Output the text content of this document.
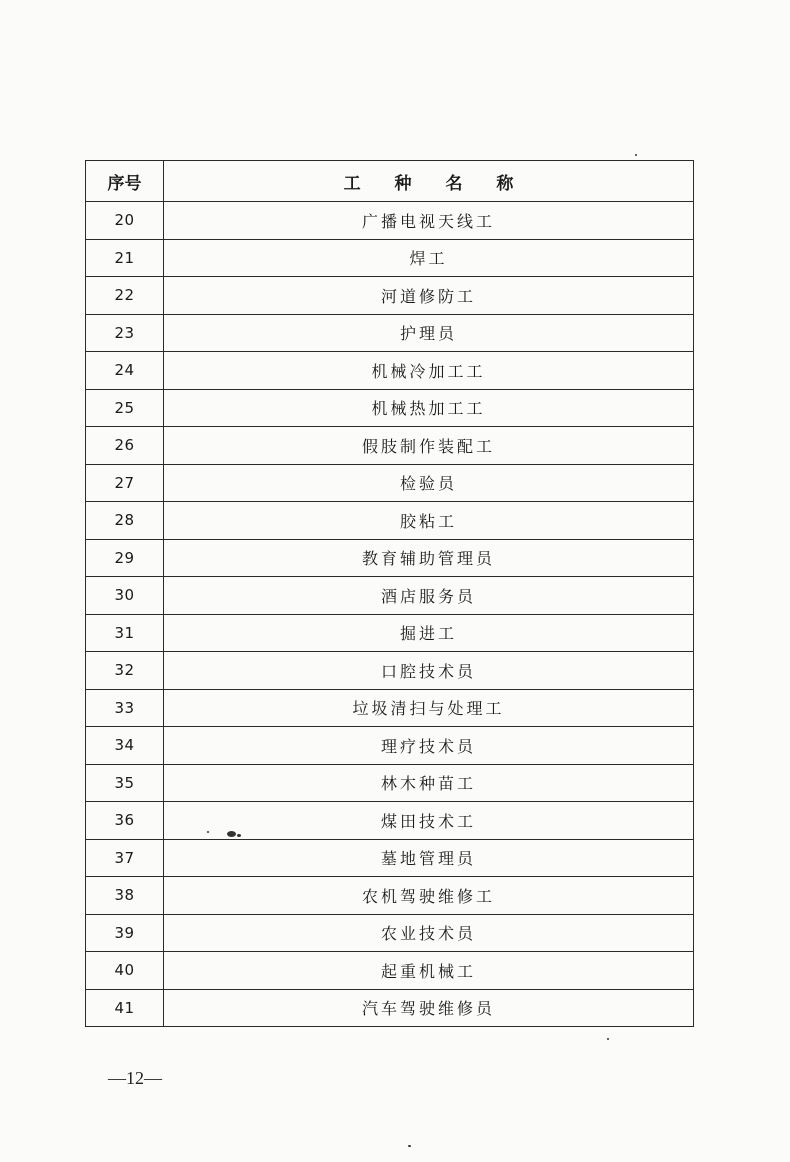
序号	工 种 名 称
20	广播电视天线工
21	焊工
22	河道修防工
23	护理员
24	机械冷加工工
25	机械热加工工
26	假肢制作装配工
27	检验员
28	胶粘工
29	教育辅助管理员
30	酒店服务员
31	掘进工
32	口腔技术员
33	垃圾清扫与处理工
34	理疗技术员
35	林木种苗工
36	煤田技术工
37	墓地管理员
38	农机驾驶维修工
39	农业技术员
40	起重机械工
41	汽车驾驶维修员
—12—
